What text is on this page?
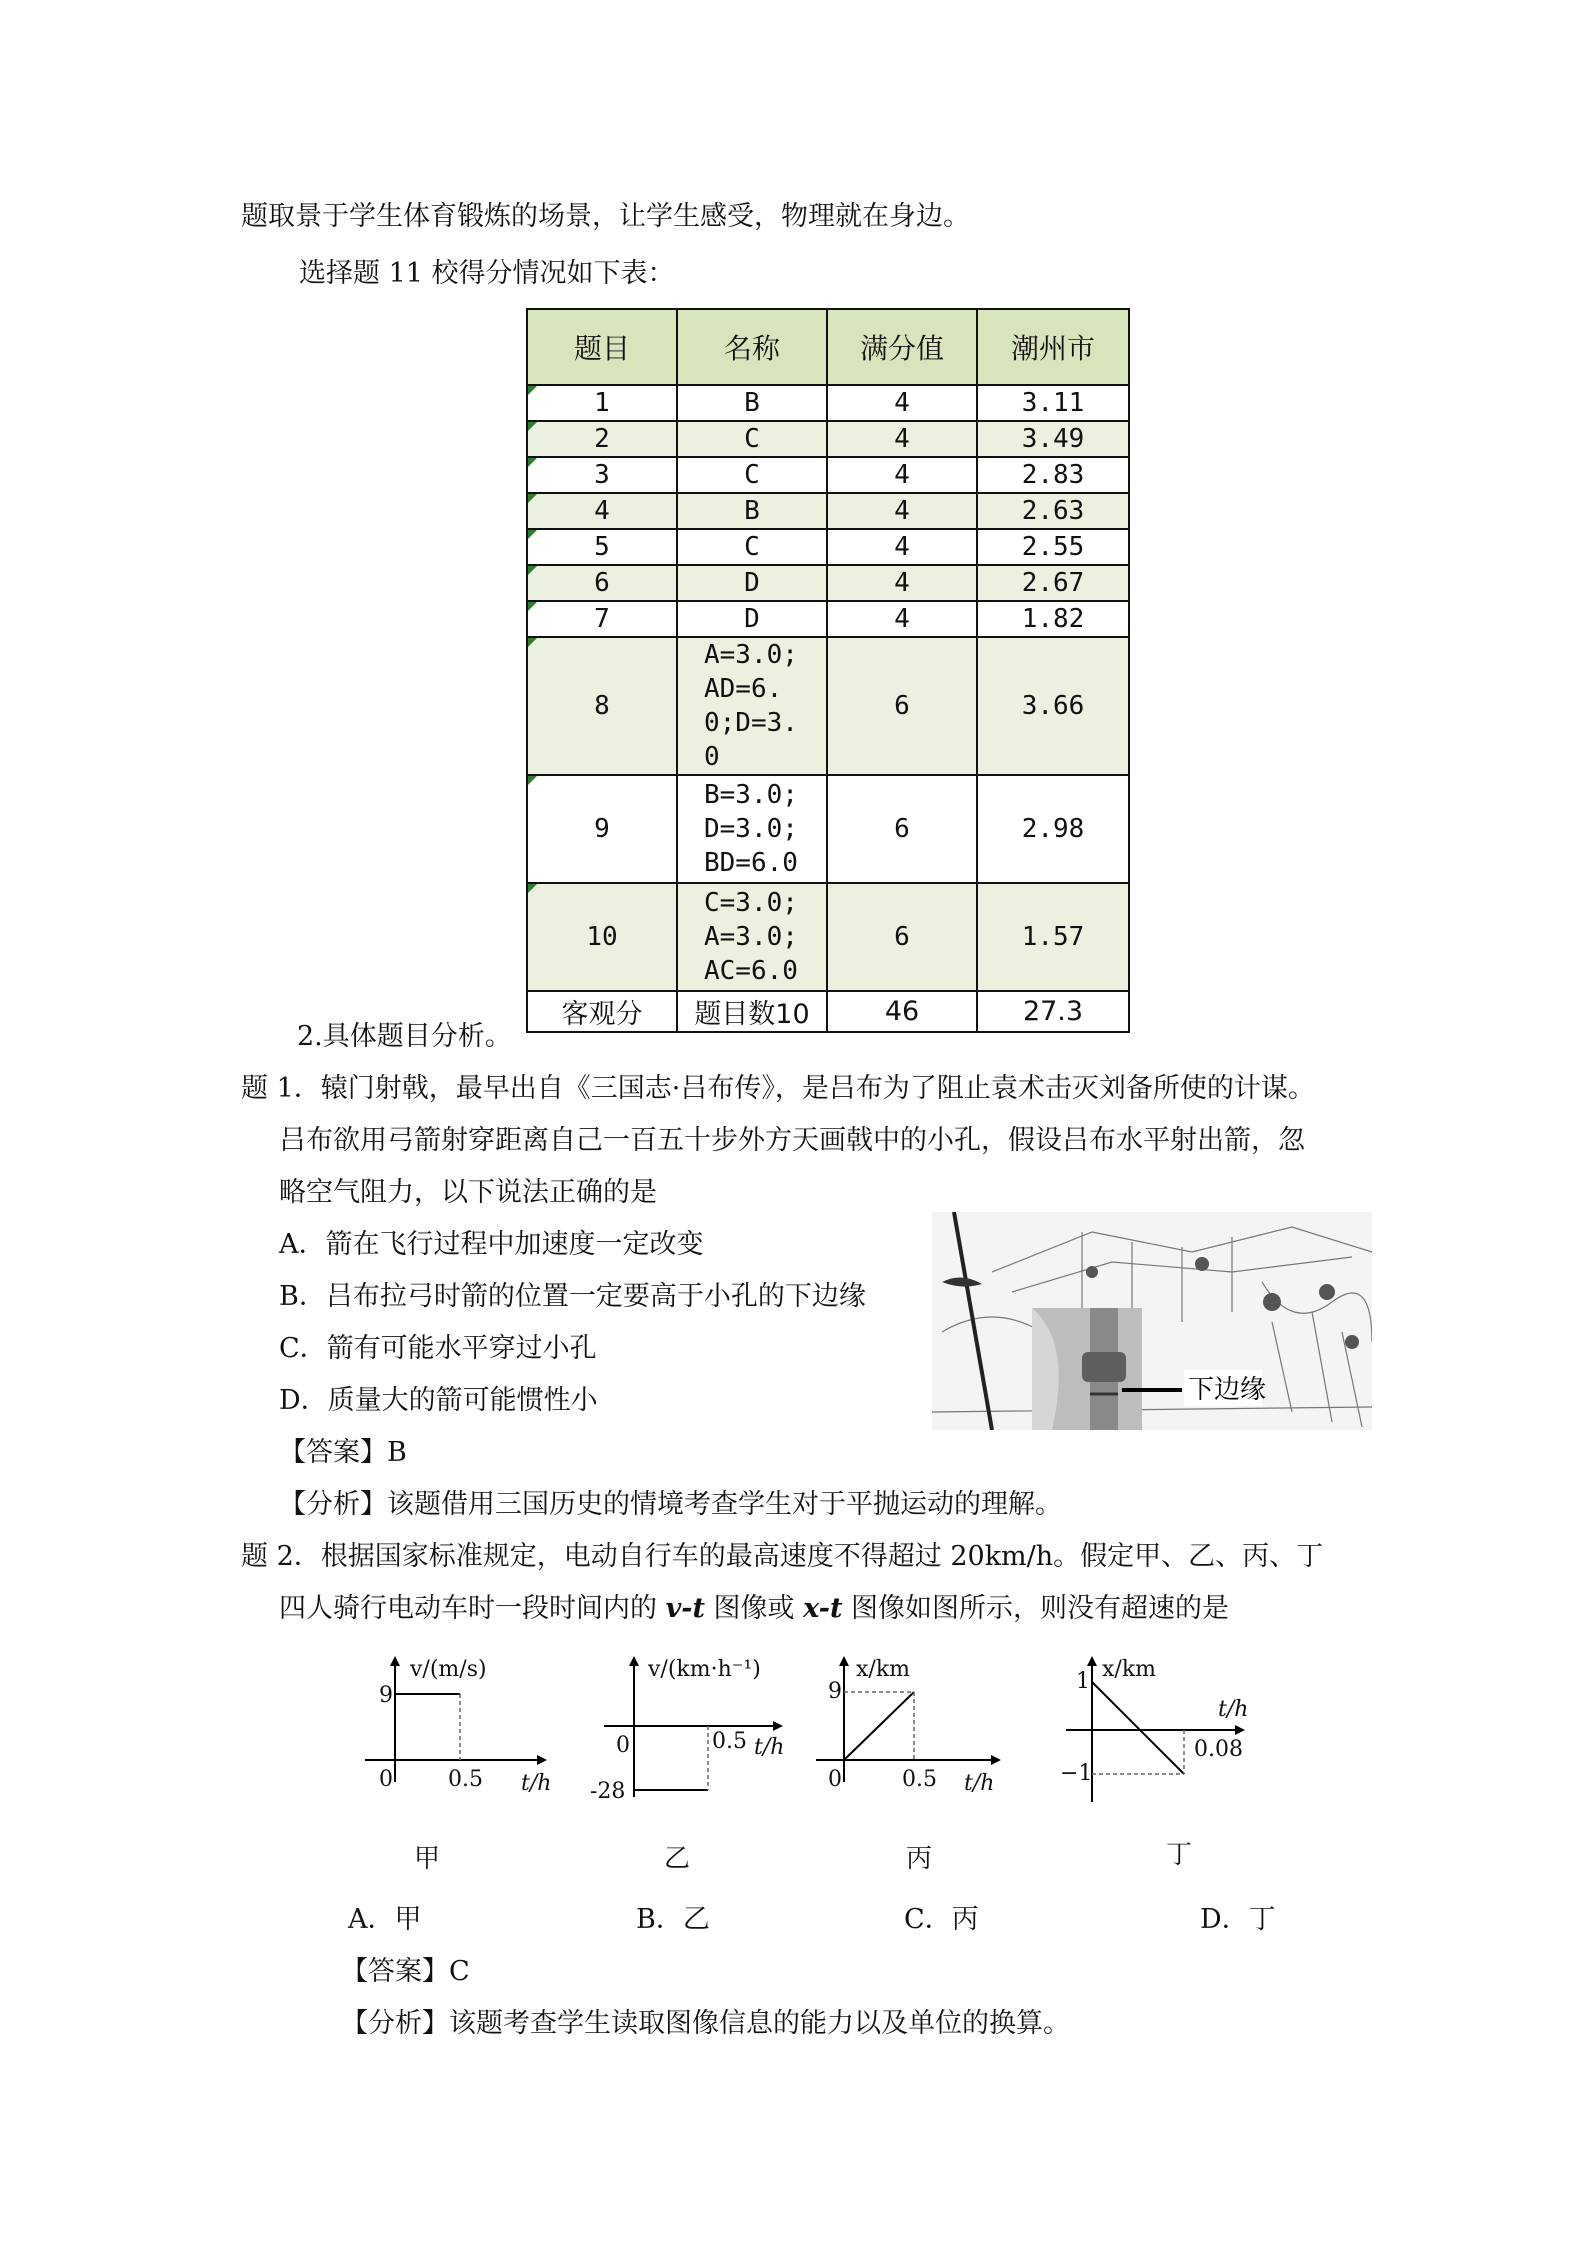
题取景于学生体育锻炼的场景，让学生感受，物理就在身边。
选择题 11 校得分情况如下表：
题目	名称	满分值	潮州市
1	B	4	3.11
2	C	4	3.49
3	C	4	2.83
4	B	4	2.63
5	C	4	2.55
6	D	4	2.67
7	D	4	1.82
8	A=3.0;AD=6.0;D=3.0	6	3.66
9	B=3.0;D=3.0;BD=6.0	6	2.98
10	C=3.0;A=3.0;AC=6.0	6	1.57
客观分	题目数10	46	27.3
2.具体题目分析。
题 1．辕门射戟，最早出自《三国志·吕布传》，是吕布为了阻止袁术击灭刘备所使的计谋。
吕布欲用弓箭射穿距离自己一百五十步外方天画戟中的小孔，假设吕布水平射出箭，忽
略空气阻力，以下说法正确的是
A．箭在飞行过程中加速度一定改变
B．吕布拉弓时箭的位置一定要高于小孔的下边缘
C．箭有可能水平穿过小孔
D．质量大的箭可能惯性小	下边缘
【答案】B
【分析】该题借用三国历史的情境考查学生对于平抛运动的理解。
题 2．根据国家标准规定，电动自行车的最高速度不得超过 20km/h。假定甲、乙、丙、丁
四人骑行电动车时一段时间内的 v-t 图像或 x-t 图像如图所示，则没有超速的是
v/(m/s)
9
0	0.5 t/h
v/(km·h⁻¹)
0
-28
0.5 t/h
x/km
9
0	0.5 t/h
x/km
1
−1
0.08
t/h
甲	乙	丙	丁
A．甲	B．乙	C．丙	D．丁
【答案】C
【分析】该题考查学生读取图像信息的能力以及单位的换算。
